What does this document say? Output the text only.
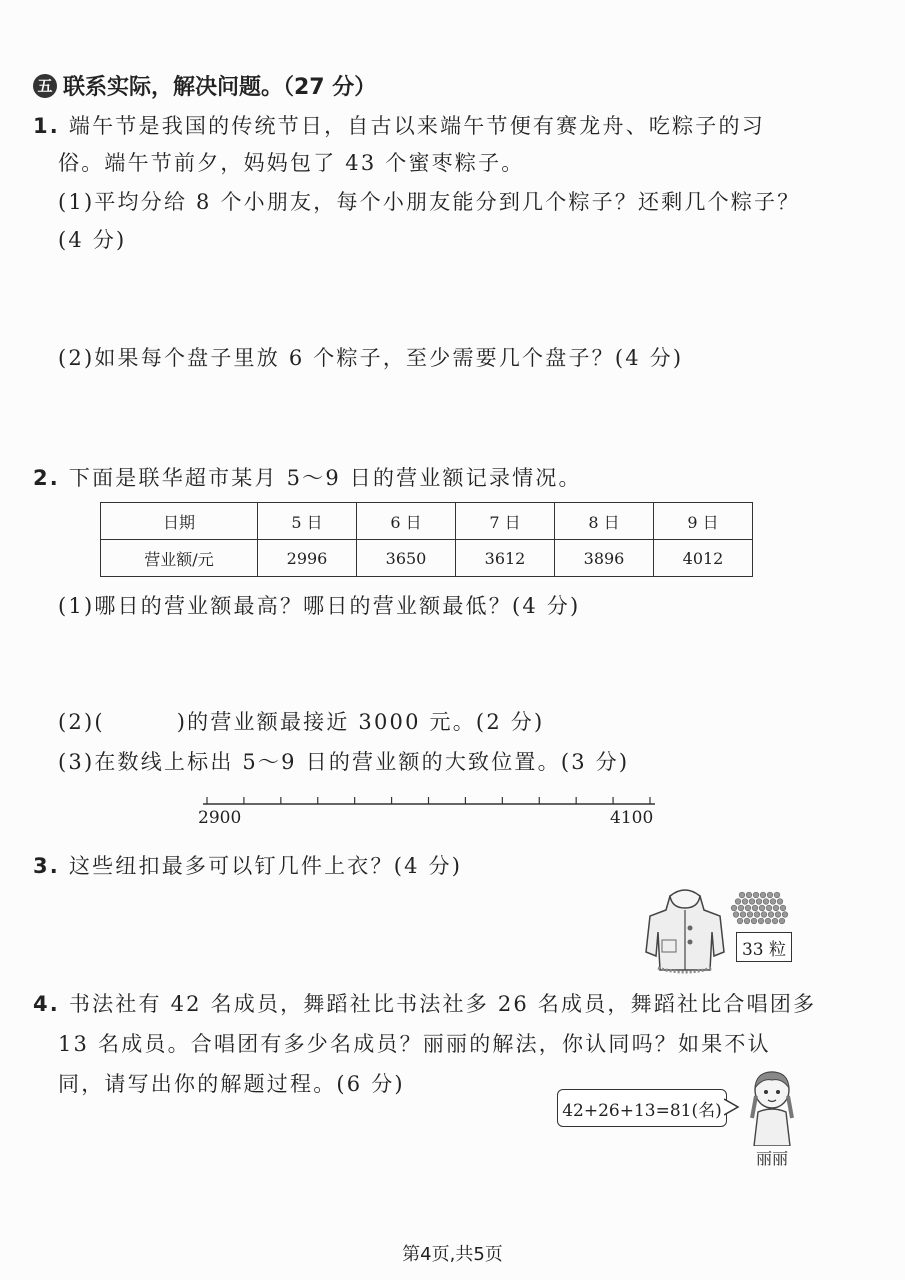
五 联系实际，解决问题。（27 分）
1. 端午节是我国的传统节日，自古以来端午节便有赛龙舟、吃粽子的习
俗。端午节前夕，妈妈包了 43 个蜜枣粽子。
(1)平均分给 8 个小朋友，每个小朋友能分到几个粽子？还剩几个粽子？
(4 分)
(2)如果每个盘子里放 6 个粽子，至少需要几个盘子？(4 分)
2. 下面是联华超市某月 5～9 日的营业额记录情况。
日期	5 日	6 日	7 日	8 日	9 日
营业额/元	2996	3650	3612	3896	4012
(1)哪日的营业额最高？哪日的营业额最低？(4 分)
(2)(	)的营业额最接近 3000 元。(2 分)
(3)在数线上标出 5～9 日的营业额的大致位置。(3 分)
2900	4100
3. 这些纽扣最多可以钉几件上衣？(4 分)
33 粒
4. 书法社有 42 名成员，舞蹈社比书法社多 26 名成员，舞蹈社比合唱团多
13 名成员。合唱团有多少名成员？丽丽的解法，你认同吗？如果不认
同，请写出你的解题过程。(6 分)
42+26+13=81(名)
丽丽
第4页,共5页
